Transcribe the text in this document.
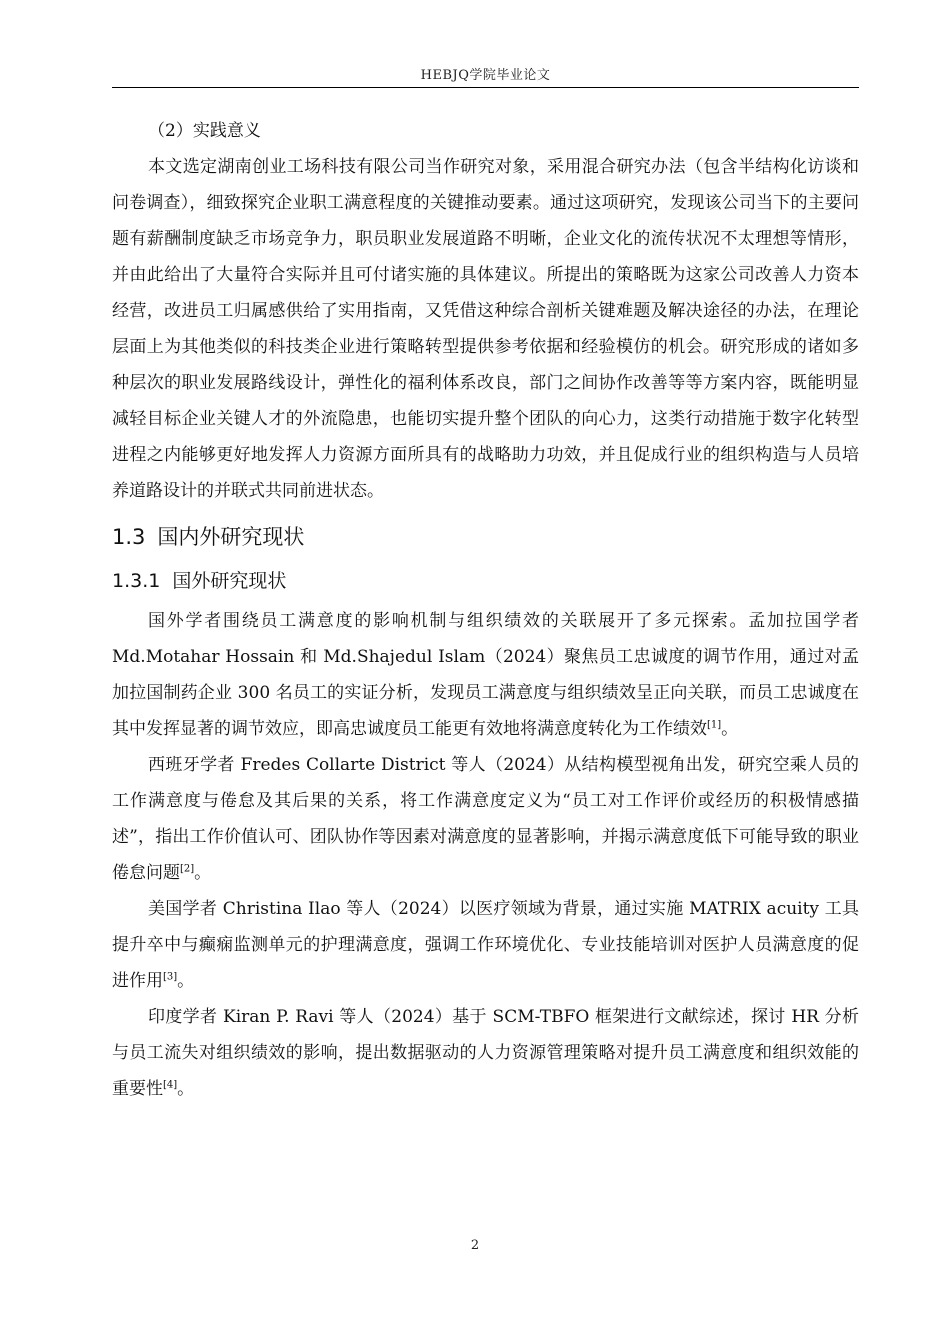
HEBJQ学院毕业论文

（2）实践意义

本文选定湖南创业工场科技有限公司当作研究对象，采用混合研究办法（包含半结构化访谈和问卷调查），细致探究企业职工满意程度的关键推动要素。通过这项研究，发现该公司当下的主要问题有薪酬制度缺乏市场竞争力，职员职业发展道路不明晰，企业文化的流传状况不太理想等情形，并由此给出了大量符合实际并且可付诸实施的具体建议。所提出的策略既为这家公司改善人力资本经营，改进员工归属感供给了实用指南，又凭借这种综合剖析关键难题及解决途径的办法，在理论层面上为其他类似的科技类企业进行策略转型提供参考依据和经验模仿的机会。研究形成的诸如多种层次的职业发展路线设计，弹性化的福利体系改良，部门之间协作改善等等方案内容，既能明显减轻目标企业关键人才的外流隐患，也能切实提升整个团队的向心力，这类行动措施于数字化转型进程之内能够更好地发挥人力资源方面所具有的战略助力功效，并且促成行业的组织构造与人员培养道路设计的并联式共同前进状态。

1.3 国内外研究现状
1.3.1 国外研究现状

国外学者围绕员工满意度的影响机制与组织绩效的关联展开了多元探索。孟加拉国学者 Md.Motahar Hossain 和 Md.Shajedul Islam（2024）聚焦员工忠诚度的调节作用，通过对孟加拉国制药企业 300 名员工的实证分析，发现员工满意度与组织绩效呈正向关联，而员工忠诚度在其中发挥显著的调节效应，即高忠诚度员工能更有效地将满意度转化为工作绩效[1]。

西班牙学者 Fredes Collarte District 等人（2024）从结构模型视角出发，研究空乘人员的工作满意度与倦怠及其后果的关系，将工作满意度定义为“员工对工作评价或经历的积极情感描述”，指出工作价值认可、团队协作等因素对满意度的显著影响，并揭示满意度低下可能导致的职业倦怠问题[2]。

美国学者 Christina Ilao 等人（2024）以医疗领域为背景，通过实施 MATRIX acuity 工具提升卒中与癫痫监测单元的护理满意度，强调工作环境优化、专业技能培训对医护人员满意度的促进作用[3]。

印度学者 Kiran P. Ravi 等人（2024）基于 SCM-TBFO 框架进行文献综述，探讨 HR 分析与员工流失对组织绩效的影响，提出数据驱动的人力资源管理策略对提升员工满意度和组织效能的重要性[4]。

2
